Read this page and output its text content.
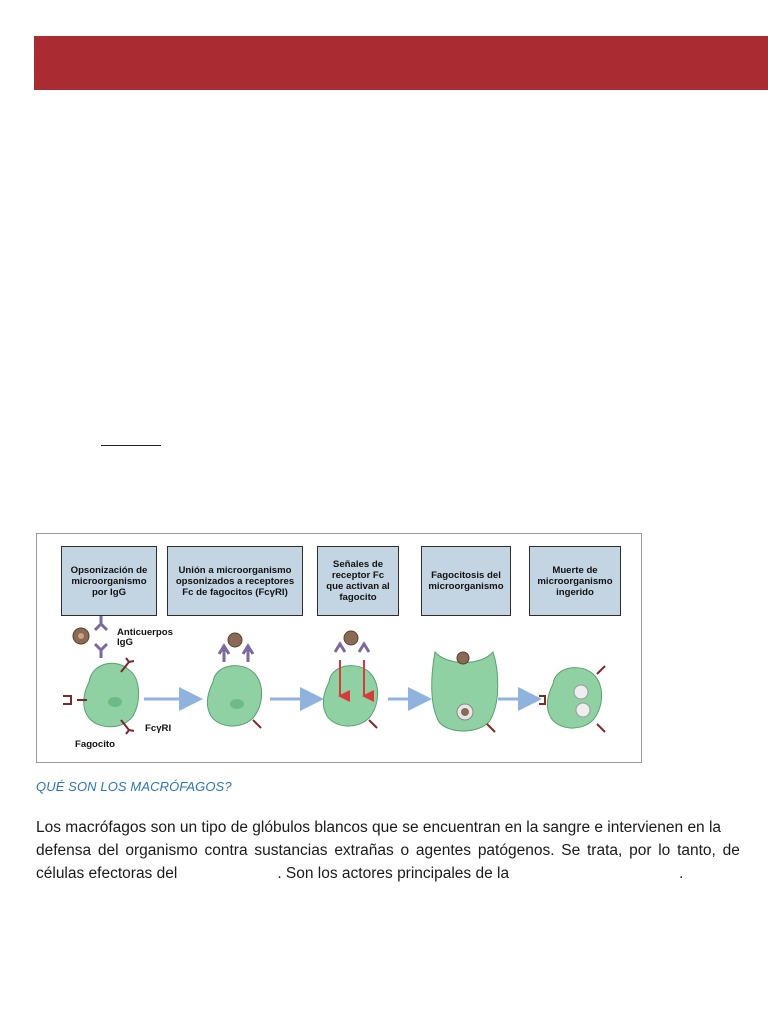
Opsonización de
microorganismo
por IgG
Unión a microorganismo
opsonizados a receptores
Fc de fagocitos (FcγRI)
Señales de
receptor Fc
que activan al
fagocito
Fagocitosis del
microorganismo
Muerte de
microorganismo
ingerido
Anticuerpos
IgG
FcγRI
Fagocito
QUÉ SON LOS MACRÓFAGOS?
Los macrófagos son un tipo de glóbulos blancos que se encuentran en la sangre e intervienen en la
defensa del organismo contra sustancias extrañas o agentes patógenos. Se trata, por lo tanto, de
células efectoras del	. Son los actores principales de la	.
